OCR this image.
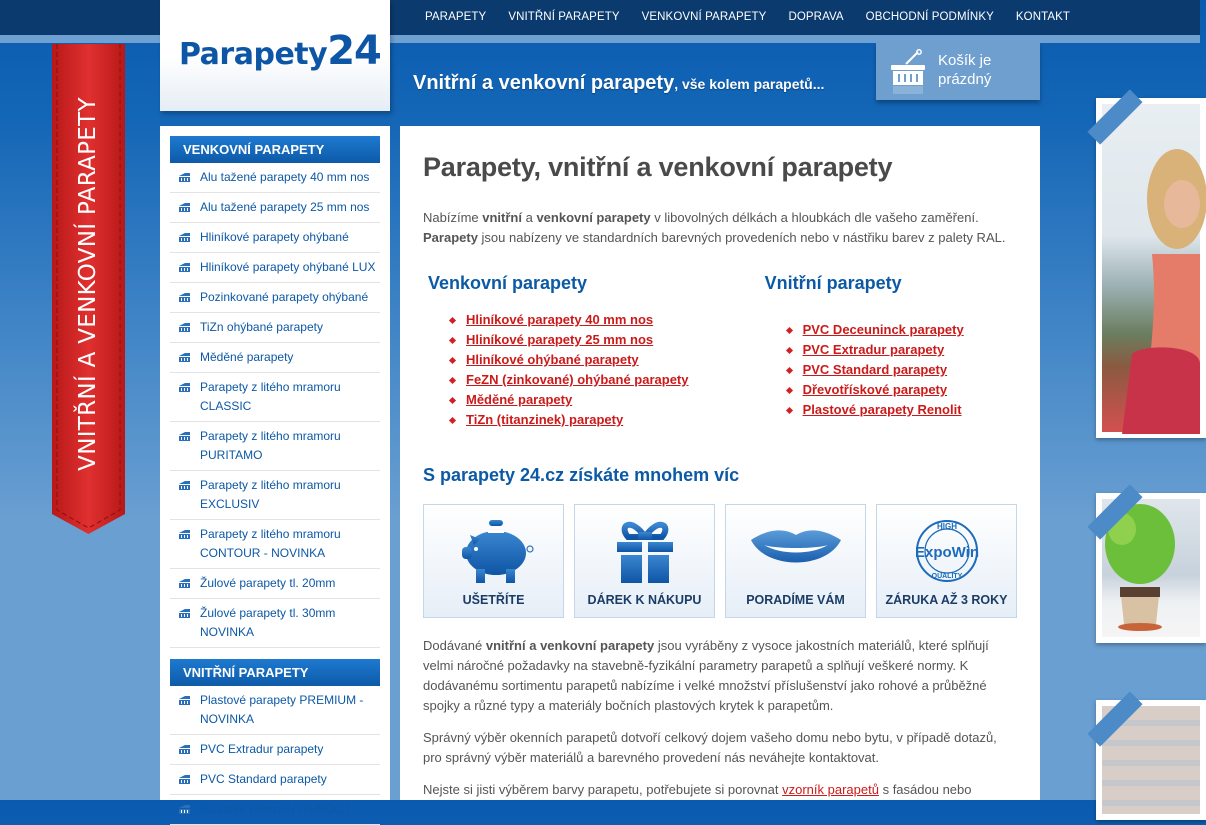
PARAPETY	VNITŘNÍ PARAPETY	VENKOVNÍ PARAPETY	DOPRAVA	OBCHODNÍ PODMÍNKY	KONTAKT
Parapety24
Vnitřní a venkovní parapety, vše kolem parapetů...
Košík je
prázdný
VNITŘNÍ A VENKOVNÍ PARAPETY	VENKOVNÍ PARAPETY
Alu tažené parapety 40 mm nos
Alu tažené parapety 25 mm nos
Hliníkové parapety ohýbané
Hliníkové parapety ohýbané LUX
Pozinkované parapety ohýbané
TiZn ohýbané parapety
Měděné parapety
Parapety z litého mramoru CLASSIC
Parapety z litého mramoru PURITAMO
Parapety z litého mramoru EXCLUSIV
Parapety z litého mramoru CONTOUR - NOVINKA
Žulové parapety tl. 20mm
Žulové parapety tl. 30mm NOVINKA
VNITŘNÍ PARAPETY
Plastové parapety PREMIUM - NOVINKA
PVC Extradur parapety
PVC Standard parapety
Plastové parapety RENOLIT
Parapety, vnitřní a venkovní parapety

Nabízíme vnitřní a venkovní parapety v libovolných délkách a hloubkách dle vašeho zaměření.
Parapety jsou nabízeny ve standardních barevných provedeních nebo v nástřiku barev z palety RAL.

Venkovní parapety
Hliníkové parapety 40 mm nos
Hliníkové parapety 25 mm nos
Hliníkové ohýbané parapety
FeZN (zinkované) ohýbané parapety
Měděné parapety
TiZn (titanzinek) parapety
Vnitřní parapety
PVC Deceuninck parapety
PVC Extradur parapety
PVC Standard parapety
Dřevotřískové parapety
Plastové parapety Renolit
S parapety 24.cz získáte mnohem víc
UŠETŘÍTE	DÁREK K NÁKUPU	PORADÍME VÁM
HIGH
ExpoWin
QUALITY
ZÁRUKA AŽ 3 ROKY

Dodávané vnitřní a venkovní parapety jsou vyráběny z vysoce jakostních materiálů, které splňují velmi náročné požadavky na stavebně-fyzikální parametry parapetů a splňují veškeré normy. K dodávanému sortimentu parapetů nabízíme i velké množství příslušenství jako rohové a průběžné spojky a různé typy a materiály bočních plastových krytek k parapetům.

Správný výběr okenních parapetů dotvoří celkový dojem vašeho domu nebo bytu, v případě dotazů, pro správný výběr materiálů a barevného provedení nás neváhejte kontaktovat.

Nejste si jisti výběrem barvy parapetu, potřebujete si porovnat vzorník parapetů s fasádou nebo
